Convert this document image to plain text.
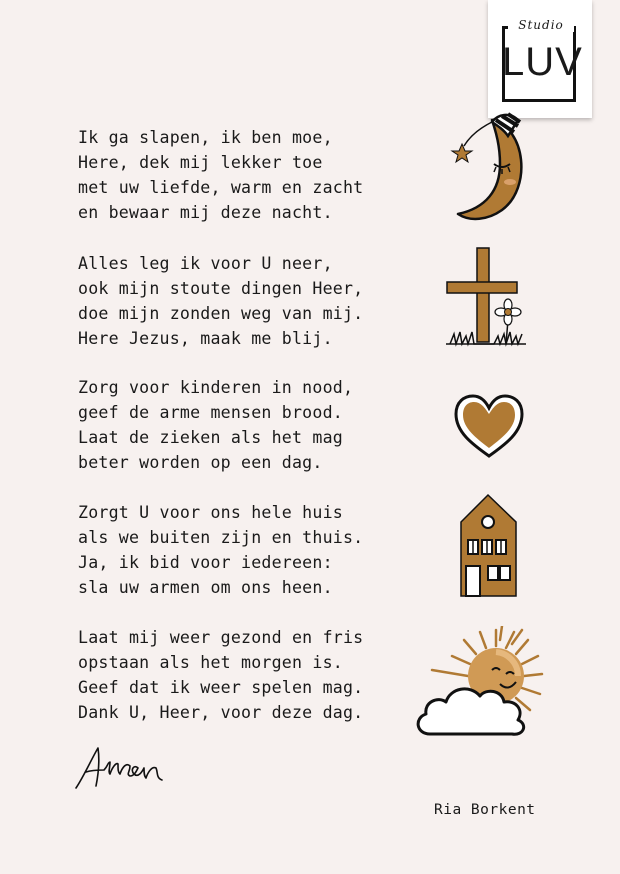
Studio
LUV
Ik ga slapen, ik ben moe,
Here, dek mij lekker toe
met uw liefde, warm en zacht
en bewaar mij deze nacht.
Alles leg ik voor U neer,
ook mijn stoute dingen Heer,
doe mijn zonden weg van mij.
Here Jezus, maak me blij.
Zorg voor kinderen in nood,
geef de arme mensen brood.
Laat de zieken als het mag
beter worden op een dag.
Zorgt U voor ons hele huis
als we buiten zijn en thuis.
Ja, ik bid voor iedereen:
sla uw armen om ons heen.
Laat mij weer gezond en fris
opstaan als het morgen is.
Geef dat ik weer spelen mag.
Dank U, Heer, voor deze dag.
Ria Borkent
